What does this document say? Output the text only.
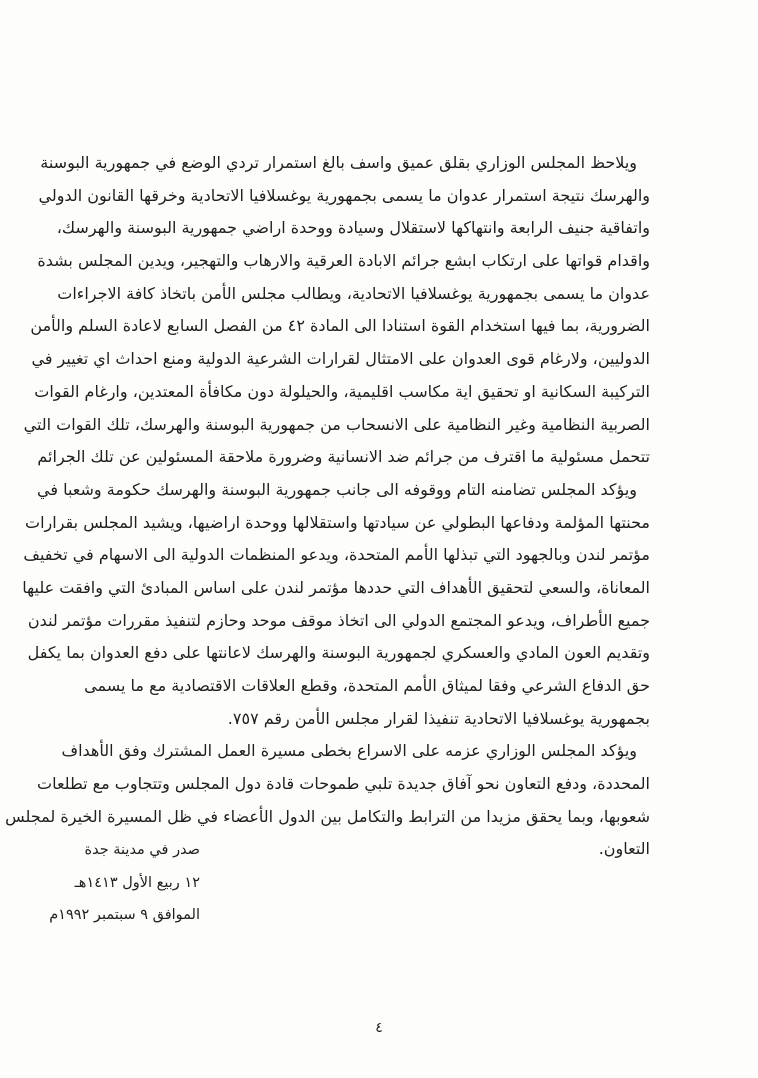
ويلاحظ المجلس الوزاري بقلق عميق واسف بالغ استمرار تردي الوضع في جمهورية البوسنة
والهرسك نتيجة استمرار عدوان ما يسمى بجمهورية يوغسلافيا الاتحادية وخرقها القانون الدولي
واتفاقية جنيف الرابعة وانتهاكها لاستقلال وسيادة ووحدة اراضي جمهورية البوسنة والهرسك،
واقدام قواتها على ارتكاب ابشع جرائم الابادة العرقية والارهاب والتهجير، ويدين المجلس بشدة
عدوان ما يسمى بجمهورية يوغسلافيا الاتحادية، ويطالب مجلس الأمن باتخاذ كافة الاجراءات
الضرورية، بما فيها استخدام القوة استنادا الى المادة ٤٢ من الفصل السابع لاعادة السلم والأمن
الدوليين، ولارغام قوى العدوان على الامتثال لقرارات الشرعية الدولية ومنع احداث اي تغيير في
التركيبة السكانية او تحقيق اية مكاسب اقليمية، والحيلولة دون مكافأة المعتدين، وارغام القوات
الصربية النظامية وغير النظامية على الانسحاب من جمهورية البوسنة والهرسك، تلك القوات التي
تتحمل مسئولية ما اقترف من جرائم ضد الانسانية وضرورة ملاحقة المسئولين عن تلك الجرائم
ويؤكد المجلس تضامنه التام ووقوفه الى جانب جمهورية البوسنة والهرسك حكومة وشعبا في
محنتها المؤلمة ودفاعها البطولي عن سيادتها واستقلالها ووحدة اراضيها، ويشيد المجلس بقرارات
مؤتمر لندن وبالجهود التي تبذلها الأمم المتحدة، ويدعو المنظمات الدولية الى الاسهام في تخفيف
المعاناة، والسعي لتحقيق الأهداف التي حددها مؤتمر لندن على اساس المبادئ التي وافقت عليها
جميع الأطراف، ويدعو المجتمع الدولي الى اتخاذ موقف موحد وحازم لتنفيذ مقررات مؤتمر لندن
وتقديم العون المادي والعسكري لجمهورية البوسنة والهرسك لاعانتها على دفع العدوان بما يكفل
حق الدفاع الشرعي وفقا لميثاق الأمم المتحدة، وقطع العلاقات الاقتصادية مع ما يسمى
بجمهورية يوغسلافيا الاتحادية تنفيذا لقرار مجلس الأمن رقم ٧٥٧.
ويؤكد المجلس الوزاري عزمه على الاسراع بخطى مسيرة العمل المشترك وفق الأهداف
المحددة، ودفع التعاون نحو آفاق جديدة تلبي طموحات قادة دول المجلس وتتجاوب مع تطلعات
شعوبها، وبما يحقق مزيدا من الترابط والتكامل بين الدول الأعضاء في ظل المسيرة الخيرة لمجلس
التعاون.
صدر في مدينة جدة
١٢ ربيع الأول ١٤١٣هـ
الموافق ٩ سبتمبر ١٩٩٢م
٤
